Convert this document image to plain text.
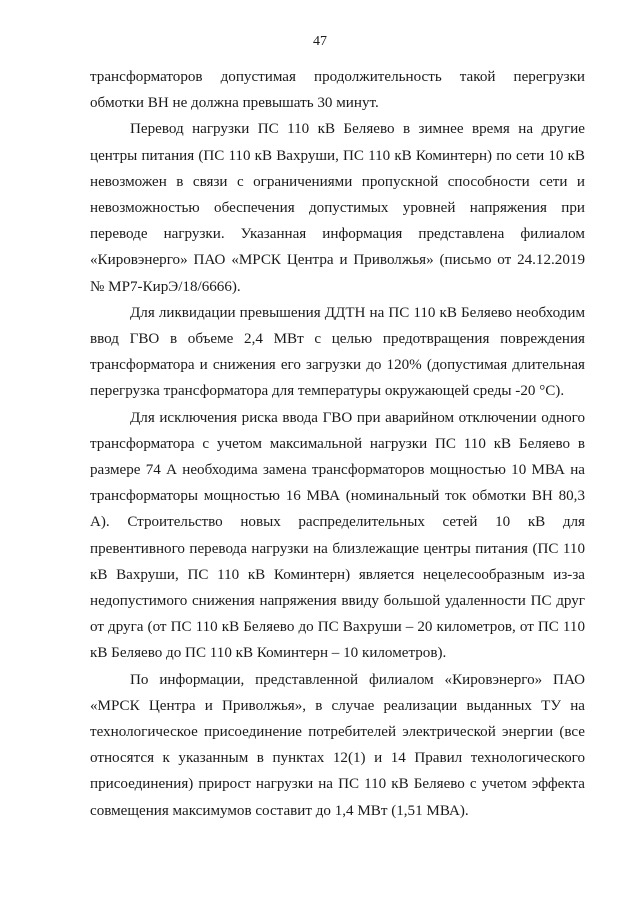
47

трансформаторов допустимая продолжительность такой перегрузки обмотки ВН не должна превышать 30 минут.

Перевод нагрузки ПС 110 кВ Беляево в зимнее время на другие центры питания (ПС 110 кВ Вахруши, ПС 110 кВ Коминтерн) по сети 10 кВ невозможен в связи с ограничениями пропускной способности сети и невозможностью обеспечения допустимых уровней напряжения при переводе нагрузки. Указанная информация представлена филиалом «Кировэнерго» ПАО «МРСК Центра и Приволжья» (письмо от 24.12.2019 № МР7-КирЭ/18/6666).

Для ликвидации превышения ДДТН на ПС 110 кВ Беляево необходим ввод ГВО в объеме 2,4 МВт с целью предотвращения повреждения трансформатора и снижения его загрузки до 120% (допустимая длительная перегрузка трансформатора для температуры окружающей среды -20 °С).

Для исключения риска ввода ГВО при аварийном отключении одного трансформатора с учетом максимальной нагрузки ПС 110 кВ Беляево в размере 74 А необходима замена трансформаторов мощностью 10 МВА на трансформаторы мощностью 16 МВА (номинальный ток обмотки ВН 80,3 А). Строительство новых распределительных сетей 10 кВ для превентивного перевода нагрузки на близлежащие центры питания (ПС 110 кВ Вахруши, ПС 110 кВ Коминтерн) является нецелесообразным из-за недопустимого снижения напряжения ввиду большой удаленности ПС друг от друга (от ПС 110 кВ Беляево до ПС Вахруши – 20 километров, от ПС 110 кВ Беляево до ПС 110 кВ Коминтерн – 10 километров).

По информации, представленной филиалом «Кировэнерго» ПАО «МРСК Центра и Приволжья», в случае реализации выданных ТУ на технологическое присоединение потребителей электрической энергии (все относятся к указанным в пунктах 12(1) и 14 Правил технологического присоединения) прирост нагрузки на ПС 110 кВ Беляево с учетом эффекта совмещения максимумов составит до 1,4 МВт (1,51 МВА).
